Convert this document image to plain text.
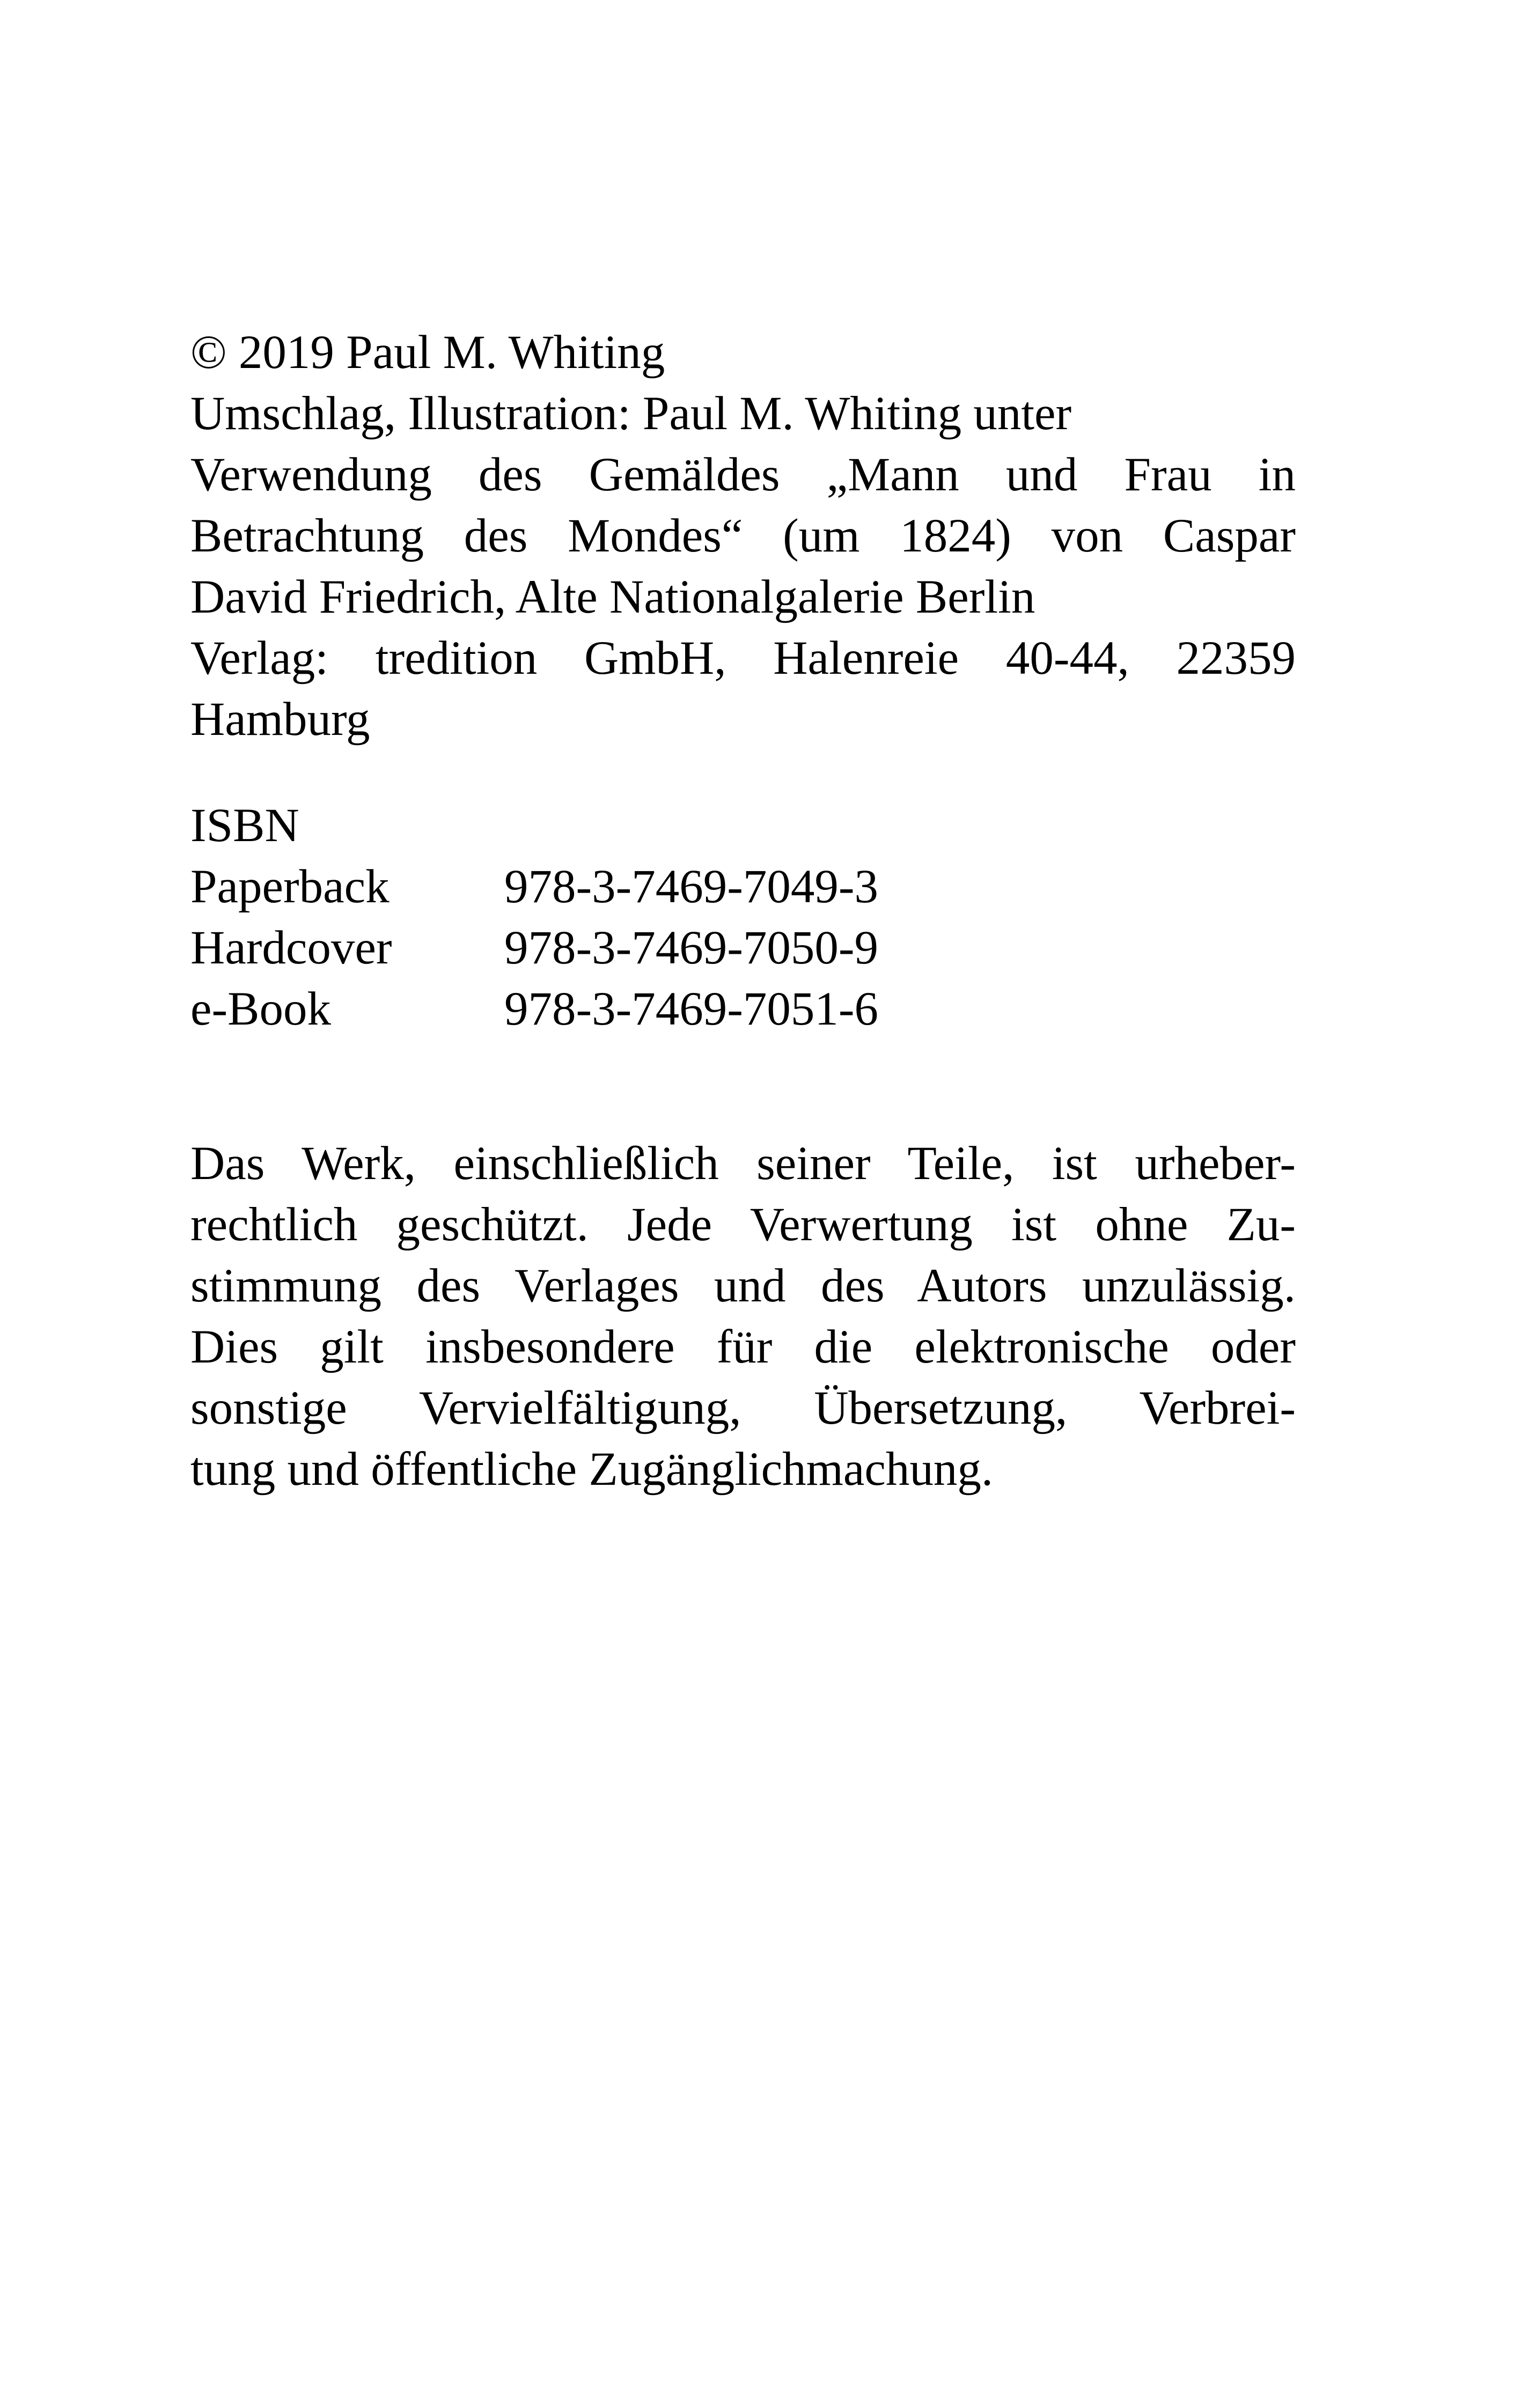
© 2019 Paul M. Whiting

Umschlag, Illustration: Paul M. Whiting unter

Verwendung des Gemäldes „Mann und Frau in

Betrachtung des Mondes“ (um 1824) von Caspar

David Friedrich, Alte Nationalgalerie Berlin

Verlag: tredition GmbH, Halenreie 40-44, 22359

Hamburg

ISBN
Paperback	978-3-7469-7049-3
Hardcover	978-3-7469-7050-9
e-Book	978-3-7469-7051-6

Das Werk, einschließlich seiner Teile, ist urheber-

rechtlich geschützt. Jede Verwertung ist ohne Zu-

stimmung des Verlages und des Autors unzulässig.

Dies gilt insbesondere für die elektronische oder

sonstige Vervielfältigung, Übersetzung, Verbrei-

tung und öffentliche Zugänglichmachung.
